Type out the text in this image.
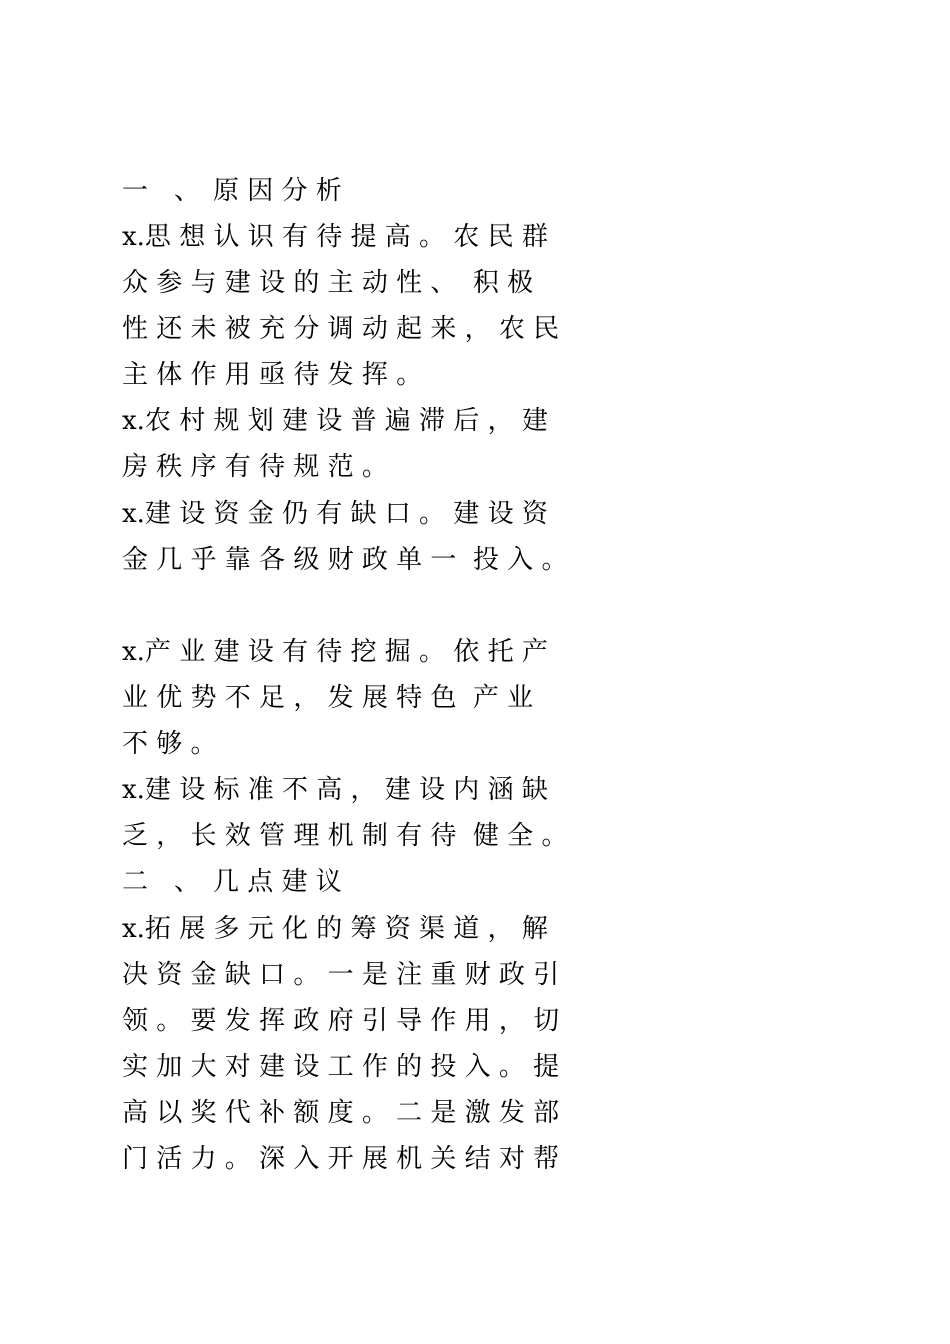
一　、　原 因 分 析
x.思 想 认 识 有 待 提 高 。 农 民 群
众 参 与 建 设 的 主 动 性 、  积 极
性 还 未 被 充 分 调 动 起 来 ， 农 民
主 体 作 用 亟 待 发 挥 。
x.农 村 规 划 建 设 普 遍 滞 后 ， 建
房 秩 序 有 待 规 范 。
x.建 设 资 金 仍 有 缺 口 。 建 设 资
金 几 乎 靠 各 级 财 政 单 一  投 入 。
x.产 业 建 设 有 待 挖 掘 。 依 托 产
业 优 势 不 足 ， 发 展 特 色  产 业
不 够 。
x.建 设 标 准 不 高 ， 建 设 内 涵 缺
乏 ， 长 效 管 理 机 制 有 待  健 全 。
二　、　几 点 建 议
x.拓 展 多 元 化 的 筹 资 渠 道 ， 解
决 资 金 缺 口 。 一 是 注 重 财 政 引
领 。 要 发 挥 政 府 引 导 作 用 ， 切
实 加 大 对 建 设 工 作 的 投 入 。 提
高 以 奖 代 补 额 度 。 二 是 激 发 部
门 活 力 。 深 入 开 展 机 关 结 对 帮
